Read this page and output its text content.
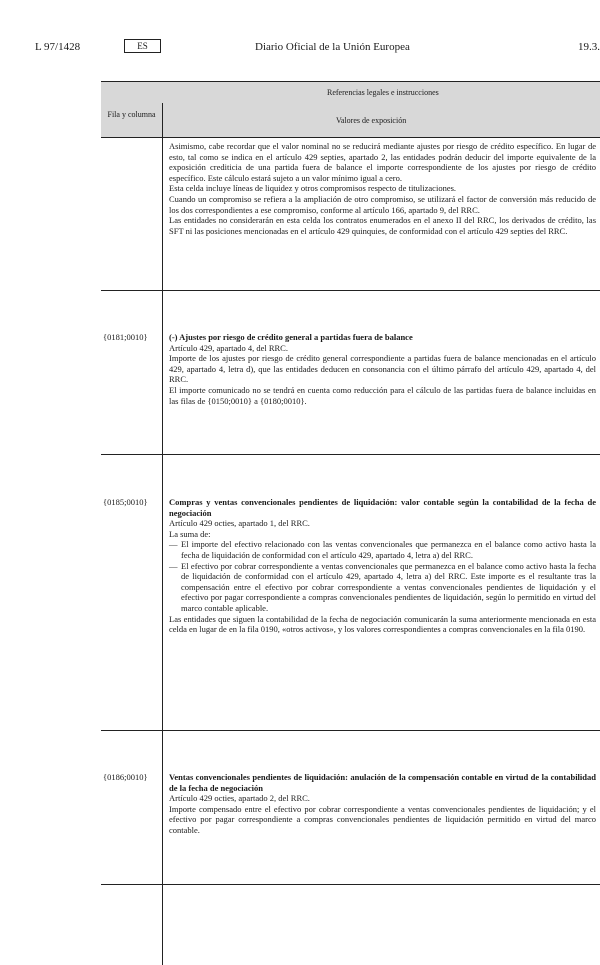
L 97/1428	ES	Diario Oficial de la Unión Europea	19.3.
Referencias legales e instrucciones
Fila y columna
Valores de exposición

Asimismo, cabe recordar que el valor nominal no se reducirá mediante ajustes por riesgo de crédito específico. En lugar de esto, tal como se indica en el artículo 429 septies, apartado 2, las entidades podrán deducir del importe equivalente de la exposición crediticia de una partida fuera de balance el importe correspondiente de los ajustes por riesgo de crédito específico. Este cálculo estará sujeto a un valor mínimo igual a cero.

Esta celda incluye líneas de liquidez y otros compromisos respecto de titulizaciones.

Cuando un compromiso se refiera a la ampliación de otro compromiso, se utilizará el factor de conversión más reducido de los dos correspondientes a ese compromiso, conforme al artículo 166, apartado 9, del RRC.

Las entidades no considerarán en esta celda los contratos enumerados en el anexo II del RRC, los derivados de crédito, las SFT ni las posiciones mencionadas en el artículo 429 quinquies, de conformidad con el artículo 429 septies del RRC.

{0181;0010}	(-) Ajustes por riesgo de crédito general a partidas fuera de balance

Artículo 429, apartado 4, del RRC.

Importe de los ajustes por riesgo de crédito general correspondiente a partidas fuera de balance mencionadas en el artículo 429, apartado 4, letra d), que las entidades deducen en consonancia con el último párrafo del artículo 429, apartado 4, del RRC.

El importe comunicado no se tendrá en cuenta como reducción para el cálculo de las partidas fuera de balance incluidas en las filas de {0150;0010} a {0180;0010}.

{0185;0010}	Compras y ventas convencionales pendientes de liquidación: valor contable según la contabilidad de la fecha de negociación

Artículo 429 octies, apartado 1, del RRC.

La suma de:

— El importe del efectivo relacionado con las ventas convencionales que permanezca en el balance como activo hasta la fecha de liquidación de conformidad con el artículo 429, apartado 4, letra a) del RRC.
— El efectivo por cobrar correspondiente a ventas convencionales que permanezca en el balance como activo hasta la fecha de liquidación de conformidad con el artículo 429, apartado 4, letra a) del RRC. Este importe es el resultante tras la compensación entre el efectivo por cobrar correspondiente a ventas convencionales pendientes de liquidación y el efectivo por pagar correspondiente a compras convencionales pendientes de liquidación, según lo permitido en virtud del marco contable aplicable.

Las entidades que siguen la contabilidad de la fecha de negociación comunicarán la suma anteriormente mencionada en esta celda en lugar de en la fila 0190, «otros activos», y los valores correspondientes a compras convencionales en la fila 0190.

{0186;0010}	Ventas convencionales pendientes de liquidación: anulación de la compensación contable en virtud de la contabilidad de la fecha de negociación

Artículo 429 octies, apartado 2, del RRC.

Importe compensado entre el efectivo por cobrar correspondiente a ventas convencionales pendientes de liquidación; y el efectivo por pagar correspondiente a compras convencionales pendientes de liquidación permitido en virtud del marco contable.
